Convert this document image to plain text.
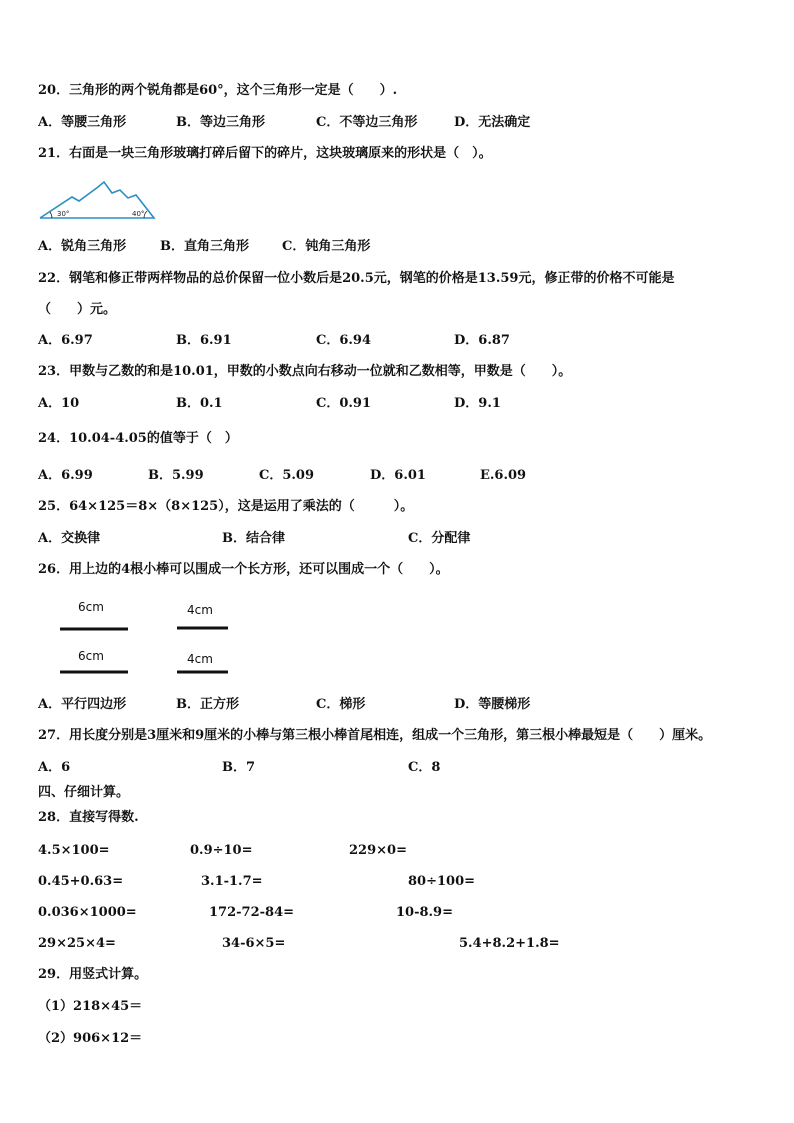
20．三角形的两个锐角都是60°，这个三角形一定是（　　）.
A．等腰三角形	B．等边三角形	C．不等边三角形	D．无法确定
21．右面是一块三角形玻璃打碎后留下的碎片，这块玻璃原来的形状是（　）。
30°	40°
A．锐角三角形	B．直角三角形	C．钝角三角形
22．钢笔和修正带两样物品的总价保留一位小数后是20.5元，钢笔的价格是13.59元，修正带的价格不可能是
（　　）元。
A．6.97	B．6.91	C．6.94	D．6.87
23．甲数与乙数的和是10.01，甲数的小数点向右移动一位就和乙数相等，甲数是（　　）。
A．10	B．0.1	C．0.91	D．9.1
24．10.04-4.05的值等于（　）
A．6.99	B．5.99	C．5.09	D．6.01	E.6.09
25．64×125＝8×（8×125），这是运用了乘法的（　　　）。
A．交换律	B．结合律	C．分配律
26．用上边的4根小棒可以围成一个长方形，还可以围成一个（　　）。
6cm	4cm
6cm	4cm
A．平行四边形	B．正方形	C．梯形	D．等腰梯形
27．用长度分别是3厘米和9厘米的小棒与第三根小棒首尾相连，组成一个三角形，第三根小棒最短是（　　）厘米。
A．6	B．7	C．8
四、仔细计算。
28．直接写得数.
4.5×100=	0.9÷10=	229×0=
0.45+0.63=	3.1-1.7=	80÷100=
0.036×1000=	172-72-84=	10-8.9=
29×25×4=	34-6×5=	5.4+8.2+1.8=
29．用竖式计算。
（1）218×45＝
（2）906×12＝
